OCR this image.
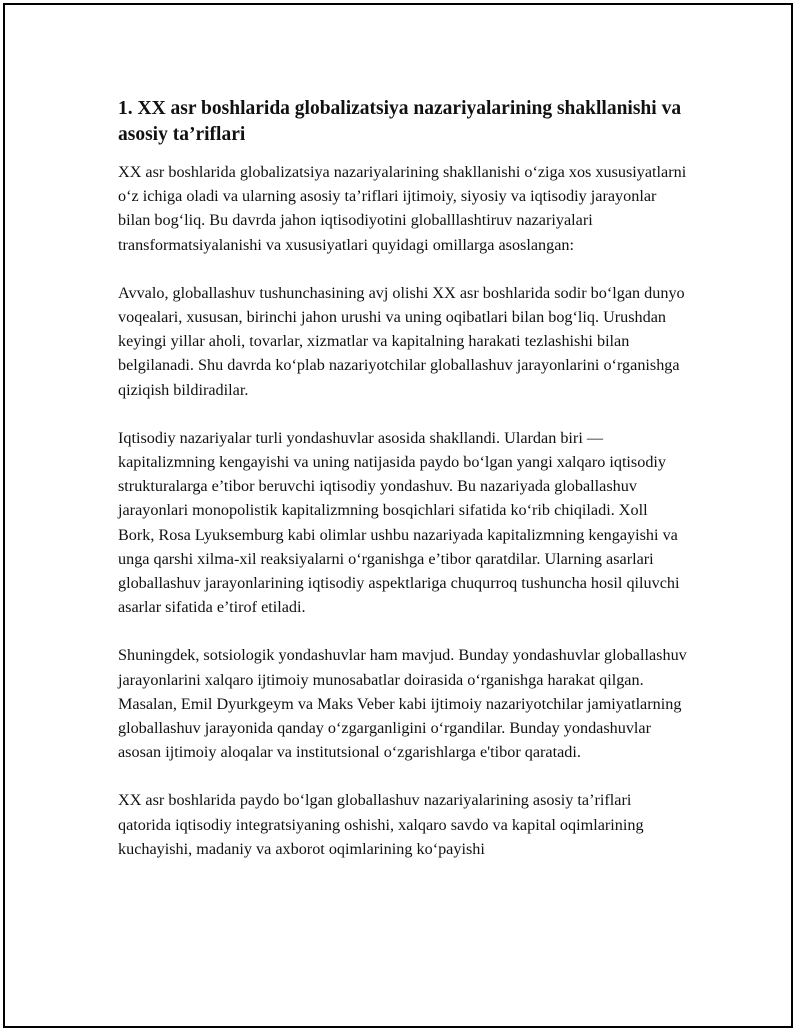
1. XX asr boshlarida globalizatsiya nazariyalarining shakllanishi va asosiy ta’riflari

XX asr boshlarida globalizatsiya nazariyalarining shakllanishi o‘ziga xos xususiyatlarni o‘z ichiga oladi va ularning asosiy ta’riflari ijtimoiy, siyosiy va iqtisodiy jarayonlar bilan bog‘liq. Bu davrda jahon iqtisodiyotini globalllashtiruv nazariyalari transformatsiyalanishi va xususiyatlari quyidagi omillarga asoslangan:

Avvalo, globallashuv tushunchasining avj olishi XX asr boshlarida sodir bo‘lgan dunyo voqealari, xususan, birinchi jahon urushi va uning oqibatlari bilan bog‘liq. Urushdan keyingi yillar aholi, tovarlar, xizmatlar va kapitalning harakati tezlashishi bilan belgilanadi. Shu davrda ko‘plab nazariyotchilar globallashuv jarayonlarini o‘rganishga qiziqish bildiradilar.

Iqtisodiy nazariyalar turli yondashuvlar asosida shakllandi. Ulardan biri — kapitalizmning kengayishi va uning natijasida paydo bo‘lgan yangi xalqaro iqtisodiy strukturalarga e’tibor beruvchi iqtisodiy yondashuv. Bu nazariyada globallashuv jarayonlari monopolistik kapitalizmning bosqichlari sifatida ko‘rib chiqiladi. Xoll Bork, Rosa Lyuksemburg kabi olimlar ushbu nazariyada kapitalizmning kengayishi va unga qarshi xilma-xil reaksiyalarni o‘rganishga e’tibor qaratdilar. Ularning asarlari globallashuv jarayonlarining iqtisodiy aspektlariga chuqurroq tushuncha hosil qiluvchi asarlar sifatida e’tirof etiladi.

Shuningdek, sotsiologik yondashuvlar ham mavjud. Bunday yondashuvlar globallashuv jarayonlarini xalqaro ijtimoiy munosabatlar doirasida o‘rganishga harakat qilgan. Masalan, Emil Dyurkgeym va Maks Veber kabi ijtimoiy nazariyotchilar jamiyatlarning globallashuv jarayonida qanday o‘zgarganligini o‘rgandilar. Bunday yondashuvlar asosan ijtimoiy aloqalar va institutsional o‘zgarishlarga e'tibor qaratadi.

XX asr boshlarida paydo bo‘lgan globallashuv nazariyalarining asosiy ta’riflari qatorida iqtisodiy integratsiyaning oshishi, xalqaro savdo va kapital oqimlarining kuchayishi, madaniy va axborot oqimlarining ko‘payishi
